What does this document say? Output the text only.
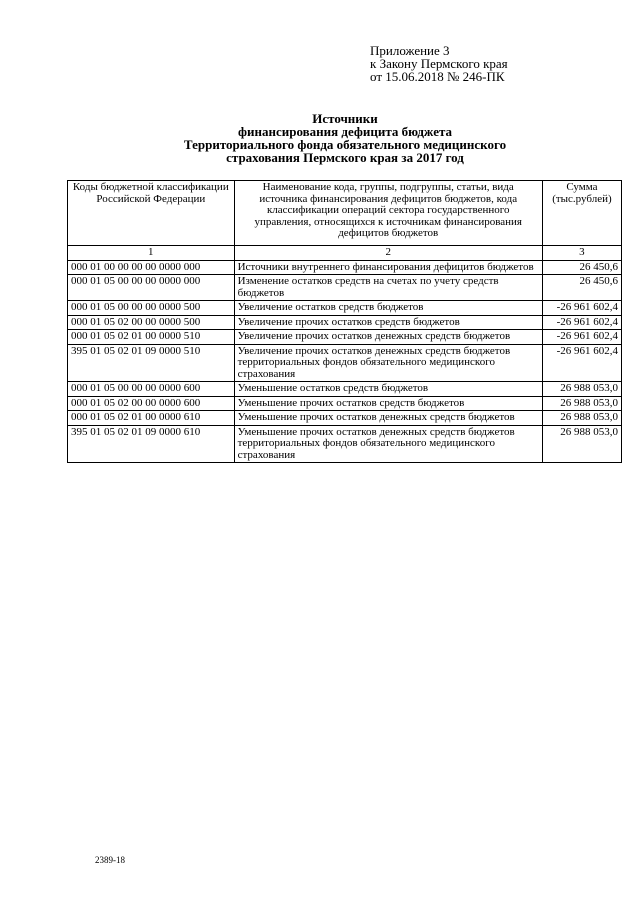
Приложение 3
к Закону Пермского края
от 15.06.2018 № 246-ПК
Источники
финансирования дефицита бюджета
Территориального фонда обязательного медицинского
страхования Пермского края за 2017 год
Коды бюджетной классификации Российской Федерации	Наименование кода, группы, подгруппы, статьи, вида источника финансирования дефицитов бюджетов, кода классификации операций сектора государственного управления, относящихся к источникам финансирования дефицитов бюджетов	Сумма (тыс.рублей)
1	2	3
000 01 00 00 00 00 0000 000	Источники внутреннего финансирования дефицитов бюджетов	26 450,6
000 01 05 00 00 00 0000 000	Изменение остатков средств на счетах по учету средств бюджетов	26 450,6
000 01 05 00 00 00 0000 500	Увеличение остатков средств бюджетов	-26 961 602,4
000 01 05 02 00 00 0000 500	Увеличение прочих остатков средств бюджетов	-26 961 602,4
000 01 05 02 01 00 0000 510	Увеличение прочих остатков денежных средств бюджетов	-26 961 602,4
395 01 05 02 01 09 0000 510	Увеличение прочих остатков денежных средств бюджетов территориальных фондов обязательного медицинского страхования	-26 961 602,4
000 01 05 00 00 00 0000 600	Уменьшение остатков средств бюджетов	26 988 053,0
000 01 05 02 00 00 0000 600	Уменьшение прочих остатков средств бюджетов	26 988 053,0
000 01 05 02 01 00 0000 610	Уменьшение прочих остатков денежных средств бюджетов	26 988 053,0
395 01 05 02 01 09 0000 610	Уменьшение прочих остатков денежных средств бюджетов территориальных фондов обязательного медицинского страхования	26 988 053,0
2389-18
